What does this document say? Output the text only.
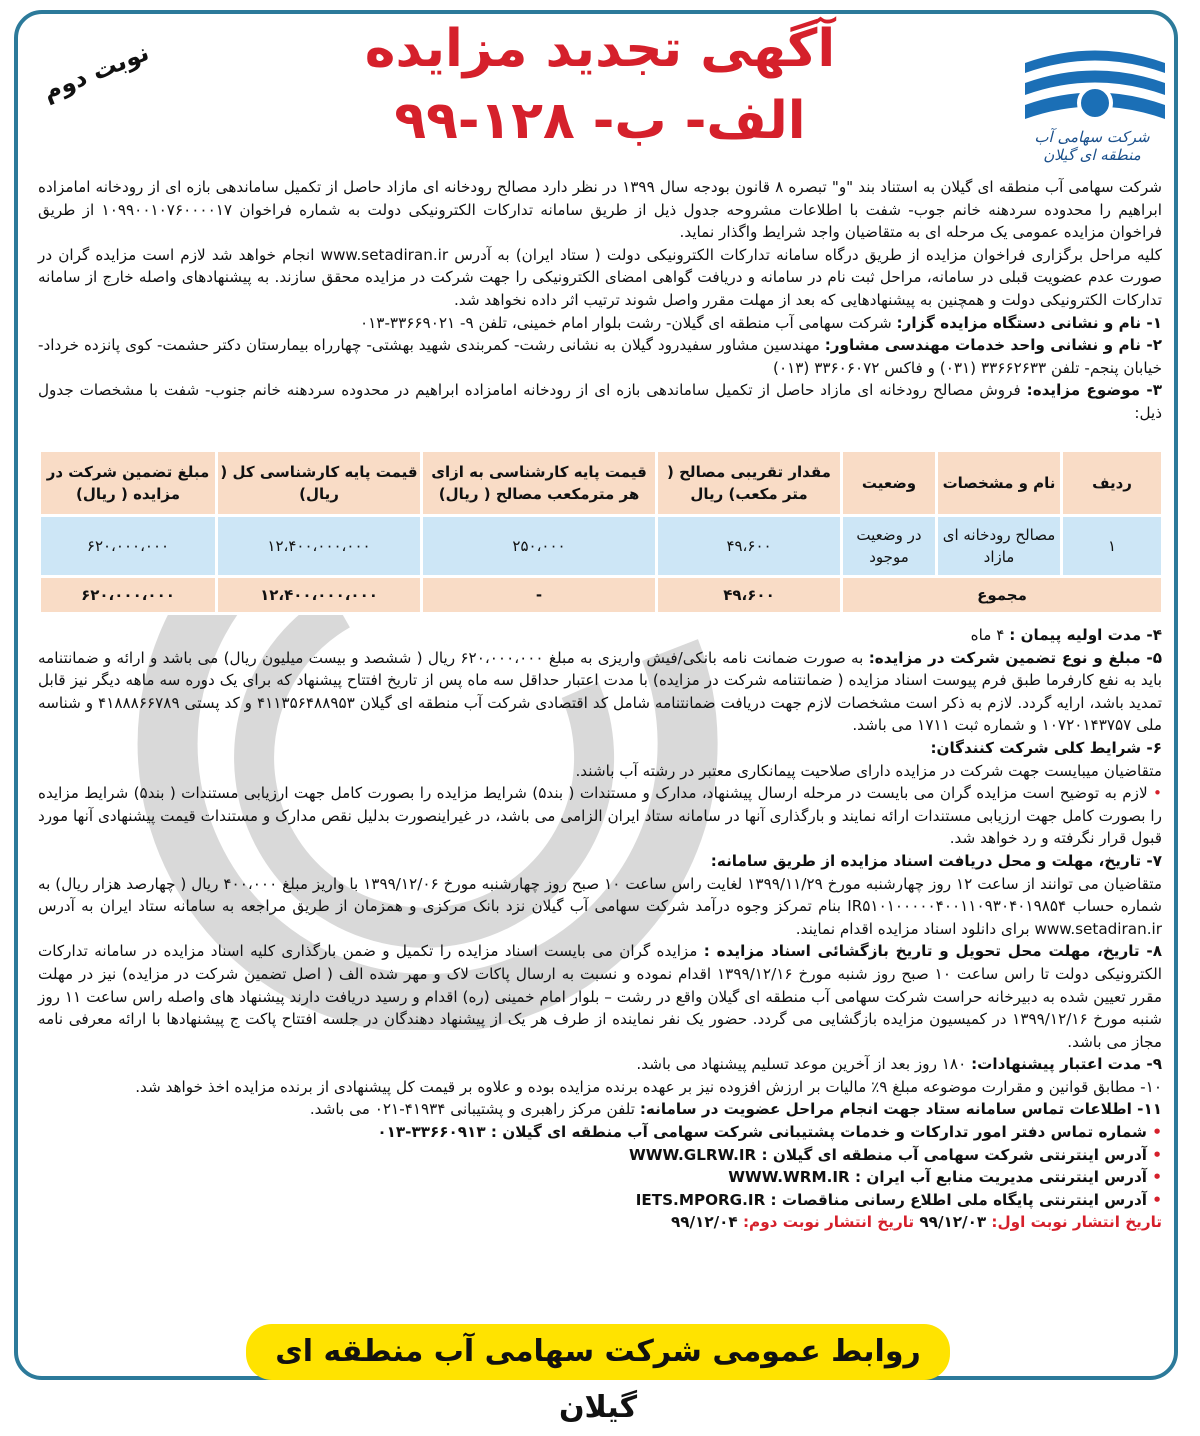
شرکت سهامی آب منطقه ای گیلان
نوبت دوم	آگهی تجدید مزایده
الف- ب- ۱۲۸-۹۹

شرکت سهامی آب منطقه ای گیلان به استناد بند "و" تبصره ۸ قانون بودجه سال ۱۳۹۹ در نظر دارد مصالح رودخانه ای مازاد حاصل از تکمیل ساماندهی بازه ای از رودخانه امامزاده ابراهیم را محدوده سردهنه خانم جوب- شفت با اطلاعات مشروحه جدول ذیل از طریق سامانه تدارکات الکترونیکی دولت به شماره فراخوان ۱۰۹۹۰۰۱۰۷۶۰۰۰۰۱۷ از طریق فراخوان مزایده عمومی یک مرحله ای به متقاضیان واجد شرایط واگذار نماید.

کلیه مراحل برگزاری فراخوان مزایده از طریق درگاه سامانه تدارکات الکترونیکی دولت ( ستاد ایران) به آدرس www.setadiran.ir انجام خواهد شد لازم است مزایده گران در صورت عدم عضویت قبلی در سامانه، مراحل ثبت نام در سامانه و دریافت گواهی امضای الکترونیکی را جهت شرکت در مزایده محقق سازند. به پیشنهادهای واصله خارج از سامانه تدارکات الکترونیکی دولت و همچنین به پیشنهادهایی که بعد از مهلت مقرر واصل شوند ترتیب اثر داده نخواهد شد.

۱- نام و نشانی دستگاه مزایده گزار: شرکت سهامی آب منطقه ای گیلان- رشت بلوار امام خمینی، تلفن ۹- ۳۳۶۶۹۰۲۱-۰۱۳

۲- نام و نشانی واحد خدمات مهندسی مشاور: مهندسین مشاور سفیدرود گیلان به نشانی رشت- کمربندی شهید بهشتی- چهارراه بیمارستان دکتر حشمت- کوی پانزده خرداد- خیابان پنجم- تلفن ۳۳۶۶۲۶۳۳ (۰۳۱) و فاکس ۳۳۶۰۶۰۷۲ (۰۱۳)

۳- موضوع مزایده: فروش مصالح رودخانه ای مازاد حاصل از تکمیل ساماندهی بازه ای از رودخانه امامزاده ابراهیم در محدوده سردهنه خانم جنوب- شفت با مشخصات جدول ذیل:

ردیف	نام و مشخصات	وضعیت	مقدار تقریبی مصالح ( متر مکعب) ریال	قیمت پایه کارشناسی به ازای هر مترمکعب مصالح ( ریال)	قیمت پایه کارشناسی کل ( ریال)	مبلغ تضمین شرکت در مزایده ( ریال)
۱	مصالح رودخانه ای مازاد	در وضعیت موجود	۴۹،۶۰۰	۲۵۰،۰۰۰	۱۲،۴۰۰،۰۰۰،۰۰۰	۶۲۰،۰۰۰،۰۰۰
مجموع			۴۹،۶۰۰	-	۱۲،۴۰۰،۰۰۰،۰۰۰	۶۲۰،۰۰۰،۰۰۰

۴- مدت اولیه پیمان : ۴ ماه

۵- مبلغ و نوع تضمین شرکت در مزایده: به صورت ضمانت نامه بانکی/فیش واریزی به مبلغ ۶۲۰،۰۰۰،۰۰۰ ریال ( ششصد و بیست میلیون ریال) می باشد و ارائه و ضمانتنامه باید به نفع کارفرما طبق فرم پیوست اسناد مزایده ( ضمانتنامه شرکت در مزایده) با مدت اعتبار حداقل سه ماه پس از تاریخ افتتاح پیشنهاد که برای یک دوره سه ماهه دیگر نیز قابل تمدید باشد، ارایه گردد. لازم به ذکر است مشخصات لازم جهت دریافت ضمانتنامه شامل کد اقتصادی شرکت آب منطقه ای گیلان ۴۱۱۳۵۶۴۸۸۹۵۳ و کد پستی ۴۱۸۸۸۶۶۷۸۹ و شناسه ملی ۱۰۷۲۰۱۴۳۷۵۷ و شماره ثبت ۱۷۱۱ می باشد.

۶- شرایط کلی شرکت کنندگان:

متقاضیان میبایست جهت شرکت در مزایده دارای صلاحیت پیمانکاری معتبر در رشته آب باشند.

• لازم به توضیح است مزایده گران می بایست در مرحله ارسال پیشنهاد، مدارک و مستندات ( بند۵) شرایط مزایده را بصورت کامل جهت ارزیابی مستندات ( بند۵) شرایط مزایده را بصورت کامل جهت ارزیابی مستندات ارائه نمایند و بارگذاری آنها در سامانه ستاد ایران الزامی می باشد، در غیراینصورت بدلیل نقص مدارک و مستندات قیمت پیشنهادی آنها مورد قبول قرار نگرفته و رد خواهد شد.

۷- تاریخ، مهلت و محل دریافت اسناد مزایده از طریق سامانه:

متقاضیان می توانند از ساعت ۱۲ روز چهارشنبه مورخ ۱۳۹۹/۱۱/۲۹ لغایت راس ساعت ۱۰ صبح روز چهارشنبه مورخ ۱۳۹۹/۱۲/۰۶ با واریز مبلغ ۴۰۰،۰۰۰ ریال ( چهارصد هزار ریال) به شماره حساب IR۵۱۰۱۰۰۰۰۰۴۰۰۱۱۰۹۳۰۴۰۱۹۸۵۴ بنام تمرکز وجوه درآمد شرکت سهامی آب گیلان نزد بانک مرکزی و همزمان از طریق مراجعه به سامانه ستاد ایران به آدرس www.setadiran.ir برای دانلود اسناد مزایده اقدام نمایند.

۸- تاریخ، مهلت محل تحویل و تاریخ بازگشائی اسناد مزایده : مزایده گران می بایست اسناد مزایده را تکمیل و ضمن بارگذاری کلیه اسناد مزایده در سامانه تدارکات الکترونیکی دولت تا راس ساعت ۱۰ صبح روز شنبه مورخ ۱۳۹۹/۱۲/۱۶ اقدام نموده و نسبت به ارسال پاکات لاک و مهر شده الف ( اصل تضمین شرکت در مزایده) نیز در مهلت مقرر تعیین شده به دبیرخانه حراست شرکت سهامی آب منطقه ای گیلان واقع در رشت – بلوار امام خمینی (ره) اقدام و رسید دریافت دارند پیشنهاد های واصله راس ساعت ۱۱ روز شنبه مورخ ۱۳۹۹/۱۲/۱۶ در کمیسیون مزایده بازگشایی می گردد. حضور یک نفر نماینده از طرف هر یک از پیشنهاد دهندگان در جلسه افتتاح پاکت ج پیشنهادها با ارائه معرفی نامه مجاز می باشد.

۹- مدت اعتبار پیشنهادات: ۱۸۰ روز بعد از آخرین موعد تسلیم پیشنهاد می باشد.

۱۰- مطابق قوانین و مقرارت موضوعه مبلغ ۹٪ مالیات بر ارزش افزوده نیز بر عهده برنده مزایده بوده و علاوه بر قیمت کل پیشنهادی از برنده مزایده اخذ خواهد شد.

۱۱- اطلاعات تماس سامانه ستاد جهت انجام مراحل عضویت در سامانه: تلفن مرکز راهبری و پشتیبانی ۴۱۹۳۴-۰۲۱ می باشد.

• شماره تماس دفتر امور تدارکات و خدمات پشتیبانی شرکت سهامی آب منطقه ای گیلان : ۳۳۶۶۰۹۱۳-۰۱۳

• آدرس اینترنتی شرکت سهامی آب منطقه ای گیلان : WWW.GLRW.IR

• آدرس اینترنتی مدیریت منابع آب ایران : WWW.WRM.IR

• آدرس اینترنتی پایگاه ملی اطلاع رسانی مناقصات : IETS.MPORG.IR

تاریخ انتشار نوبت اول: ۹۹/۱۲/۰۳ تاریخ انتشار نوبت دوم: ۹۹/۱۲/۰۴

روابط عمومی شرکت سهامی آب منطقه ای گیلان
